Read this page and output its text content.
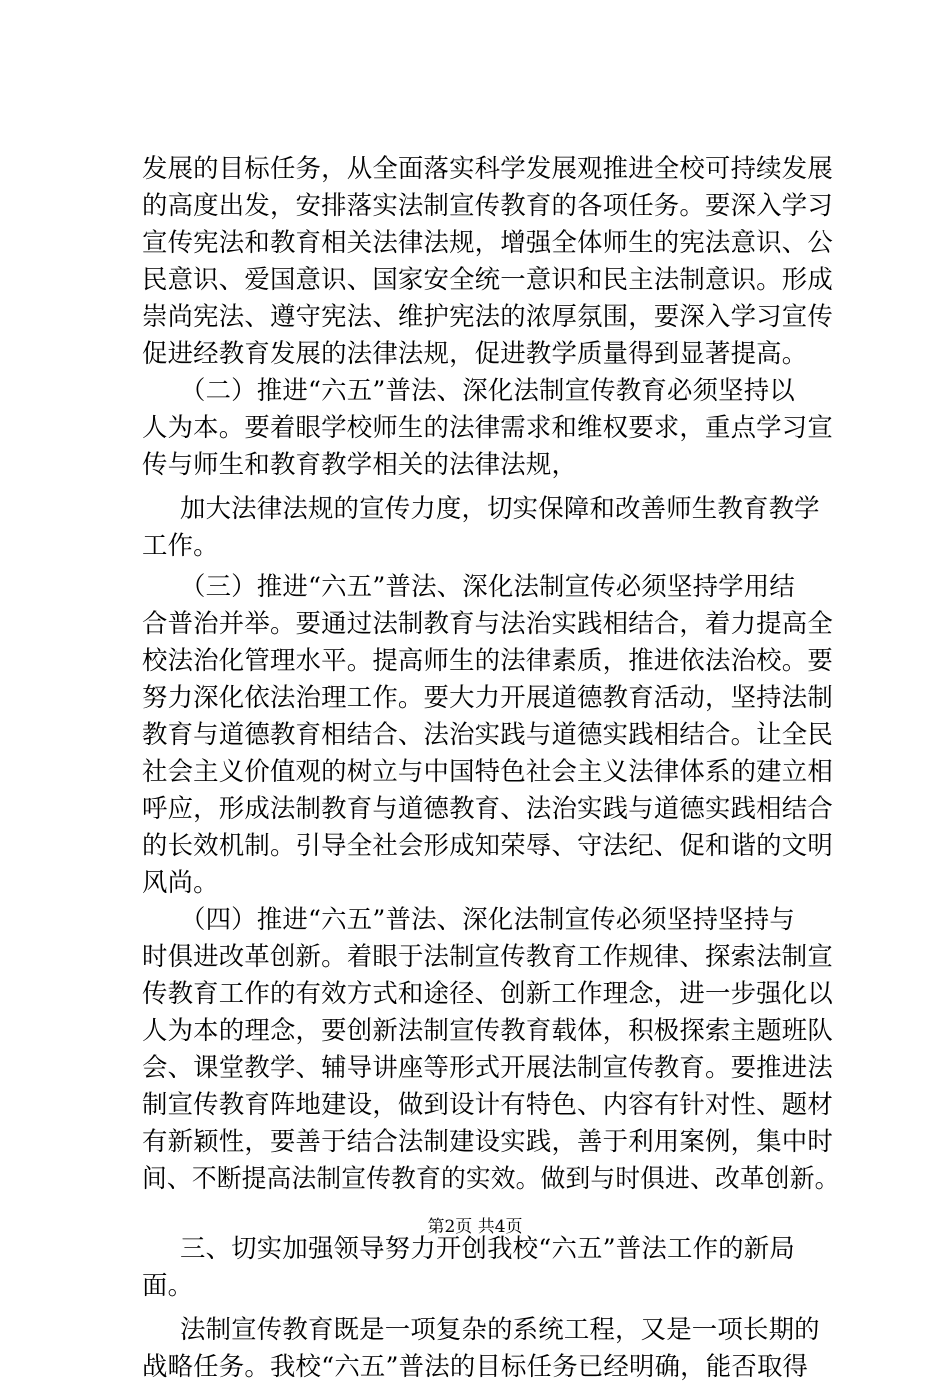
发展的目标任务，从全面落实科学发展观推进全校可持续发展
的高度出发，安排落实法制宣传教育的各项任务。要深入学习
宣传宪法和教育相关法律法规，增强全体师生的宪法意识、公
民意识、爱国意识、国家安全统一意识和民主法制意识。形成
崇尚宪法、遵守宪法、维护宪法的浓厚氛围，要深入学习宣传
促进经教育发展的法律法规，促进教学质量得到显著提高。
（二）推进“六五”普法、深化法制宣传教育必须坚持以
人为本。要着眼学校师生的法律需求和维权要求，重点学习宣
传与师生和教育教学相关的法律法规，
加大法律法规的宣传力度，切实保障和改善师生教育教学
工作。
（三）推进“六五”普法、深化法制宣传必须坚持学用结
合普治并举。要通过法制教育与法治实践相结合，着力提高全
校法治化管理水平。提高师生的法律素质，推进依法治校。要
努力深化依法治理工作。要大力开展道德教育活动，坚持法制
教育与道德教育相结合、法治实践与道德实践相结合。让全民
社会主义价值观的树立与中国特色社会主义法律体系的建立相
呼应，形成法制教育与道德教育、法治实践与道德实践相结合
的长效机制。引导全社会形成知荣辱、守法纪、促和谐的文明
风尚。
（四）推进“六五”普法、深化法制宣传必须坚持坚持与
时俱进改革创新。着眼于法制宣传教育工作规律、探索法制宣
传教育工作的有效方式和途径、创新工作理念，进一步强化以
人为本的理念，要创新法制宣传教育载体，积极探索主题班队
会、课堂教学、辅导讲座等形式开展法制宣传教育。要推进法
制宣传教育阵地建设，做到设计有特色、内容有针对性、题材
有新颖性，要善于结合法制建设实践，善于利用案例，集中时
间、不断提高法制宣传教育的实效。做到与时俱进、改革创新。
三、切实加强领导努力开创我校“六五”普法工作的新局
面。
法制宣传教育既是一项复杂的系统工程，又是一项长期的
战略任务。我校“六五”普法的目标任务已经明确，能否取得
第2页 共4页
